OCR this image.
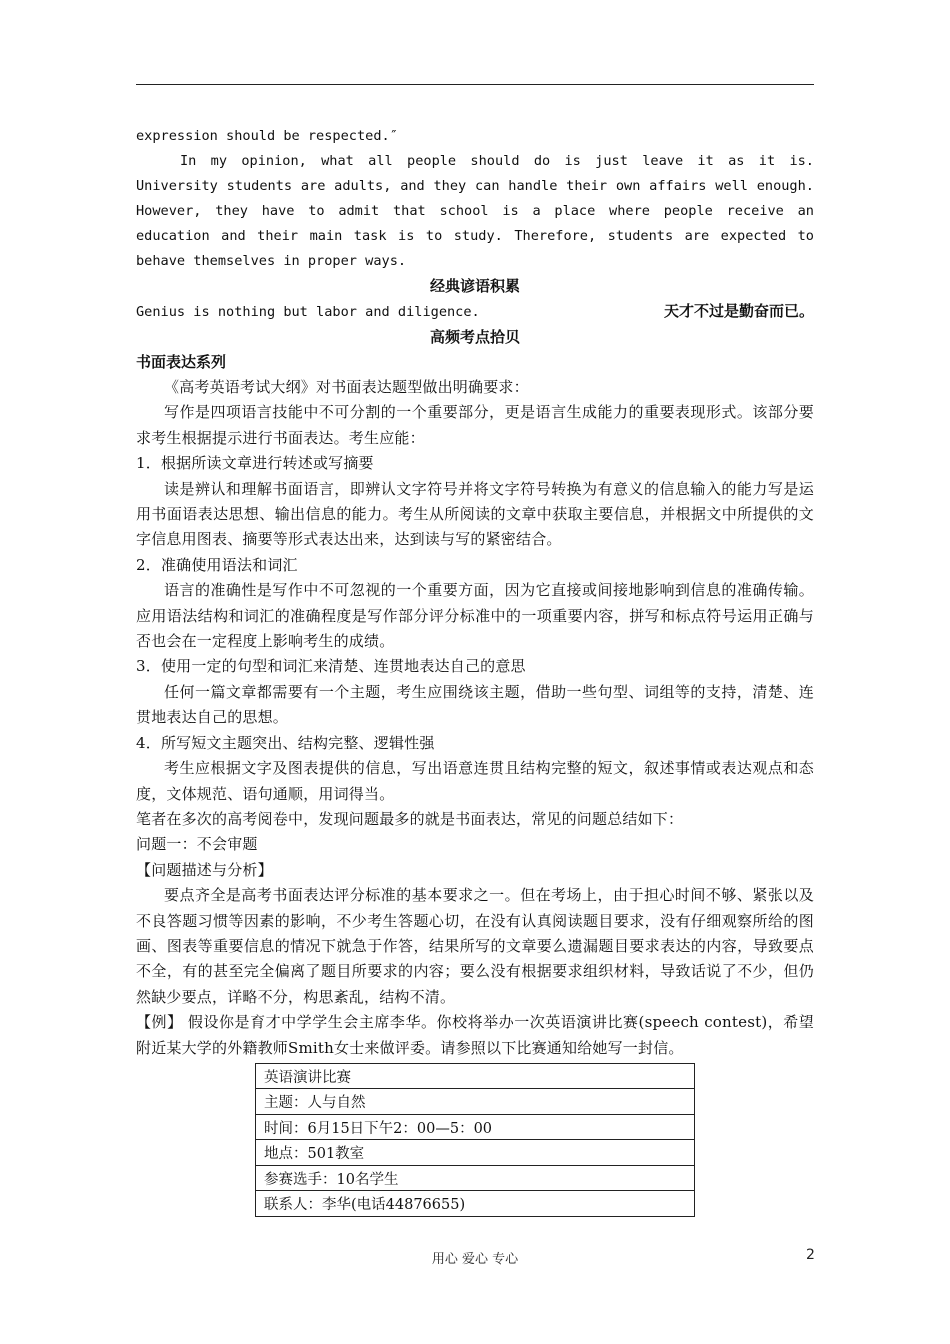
expression should be respected.″

In my opinion, what all people should do is just leave it as it is. University students are adults, and they can handle their own affairs well enough. However, they have to admit that school is a place where people receive an education and their main task is to study. Therefore, students are expected to behave themselves in proper ways.

经典谚语积累

Genius is nothing but labor and diligence.	天才不过是勤奋而已。

高频考点拾贝

书面表达系列

《高考英语考试大纲》对书面表达题型做出明确要求：

写作是四项语言技能中不可分割的一个重要部分，更是语言生成能力的重要表现形式。该部分要求考生根据提示进行书面表达。考生应能：

1．根据所读文章进行转述或写摘要

读是辨认和理解书面语言，即辨认文字符号并将文字符号转换为有意义的信息输入的能力写是运用书面语表达思想、输出信息的能力。考生从所阅读的文章中获取主要信息，并根据文中所提供的文字信息用图表、摘要等形式表达出来，达到读与写的紧密结合。

2．准确使用语法和词汇

语言的准确性是写作中不可忽视的一个重要方面，因为它直接或间接地影响到信息的准确传输。应用语法结构和词汇的准确程度是写作部分评分标准中的一项重要内容，拼写和标点符号运用正确与否也会在一定程度上影响考生的成绩。

3．使用一定的句型和词汇来清楚、连贯地表达自己的意思

任何一篇文章都需要有一个主题，考生应围绕该主题，借助一些句型、词组等的支持，清楚、连贯地表达自己的思想。

4．所写短文主题突出、结构完整、逻辑性强

考生应根据文字及图表提供的信息，写出语意连贯且结构完整的短文，叙述事情或表达观点和态度，文体规范、语句通顺，用词得当。

笔者在多次的高考阅卷中，发现问题最多的就是书面表达，常见的问题总结如下：

问题一：不会审题

【问题描述与分析】

要点齐全是高考书面表达评分标准的基本要求之一。但在考场上，由于担心时间不够、紧张以及不良答题习惯等因素的影响，不少考生答题心切，在没有认真阅读题目要求，没有仔细观察所给的图画、图表等重要信息的情况下就急于作答，结果所写的文章要么遗漏题目要求表达的内容，导致要点不全，有的甚至完全偏离了题目所要求的内容；要么没有根据要求组织材料，导致话说了不少，但仍然缺少要点，详略不分，构思紊乱，结构不清。

【例】 假设你是育才中学学生会主席李华。你校将举办一次英语演讲比赛(speech contest)，希望附近某大学的外籍教师Smith女士来做评委。请参照以下比赛通知给她写一封信。

英语演讲比赛
主题：人与自然
时间：6月15日下午2：00—5：00
地点：501教室
参赛选手：10名学生
联系人：李华(电话44876655)
用心 爱心 专心	2
